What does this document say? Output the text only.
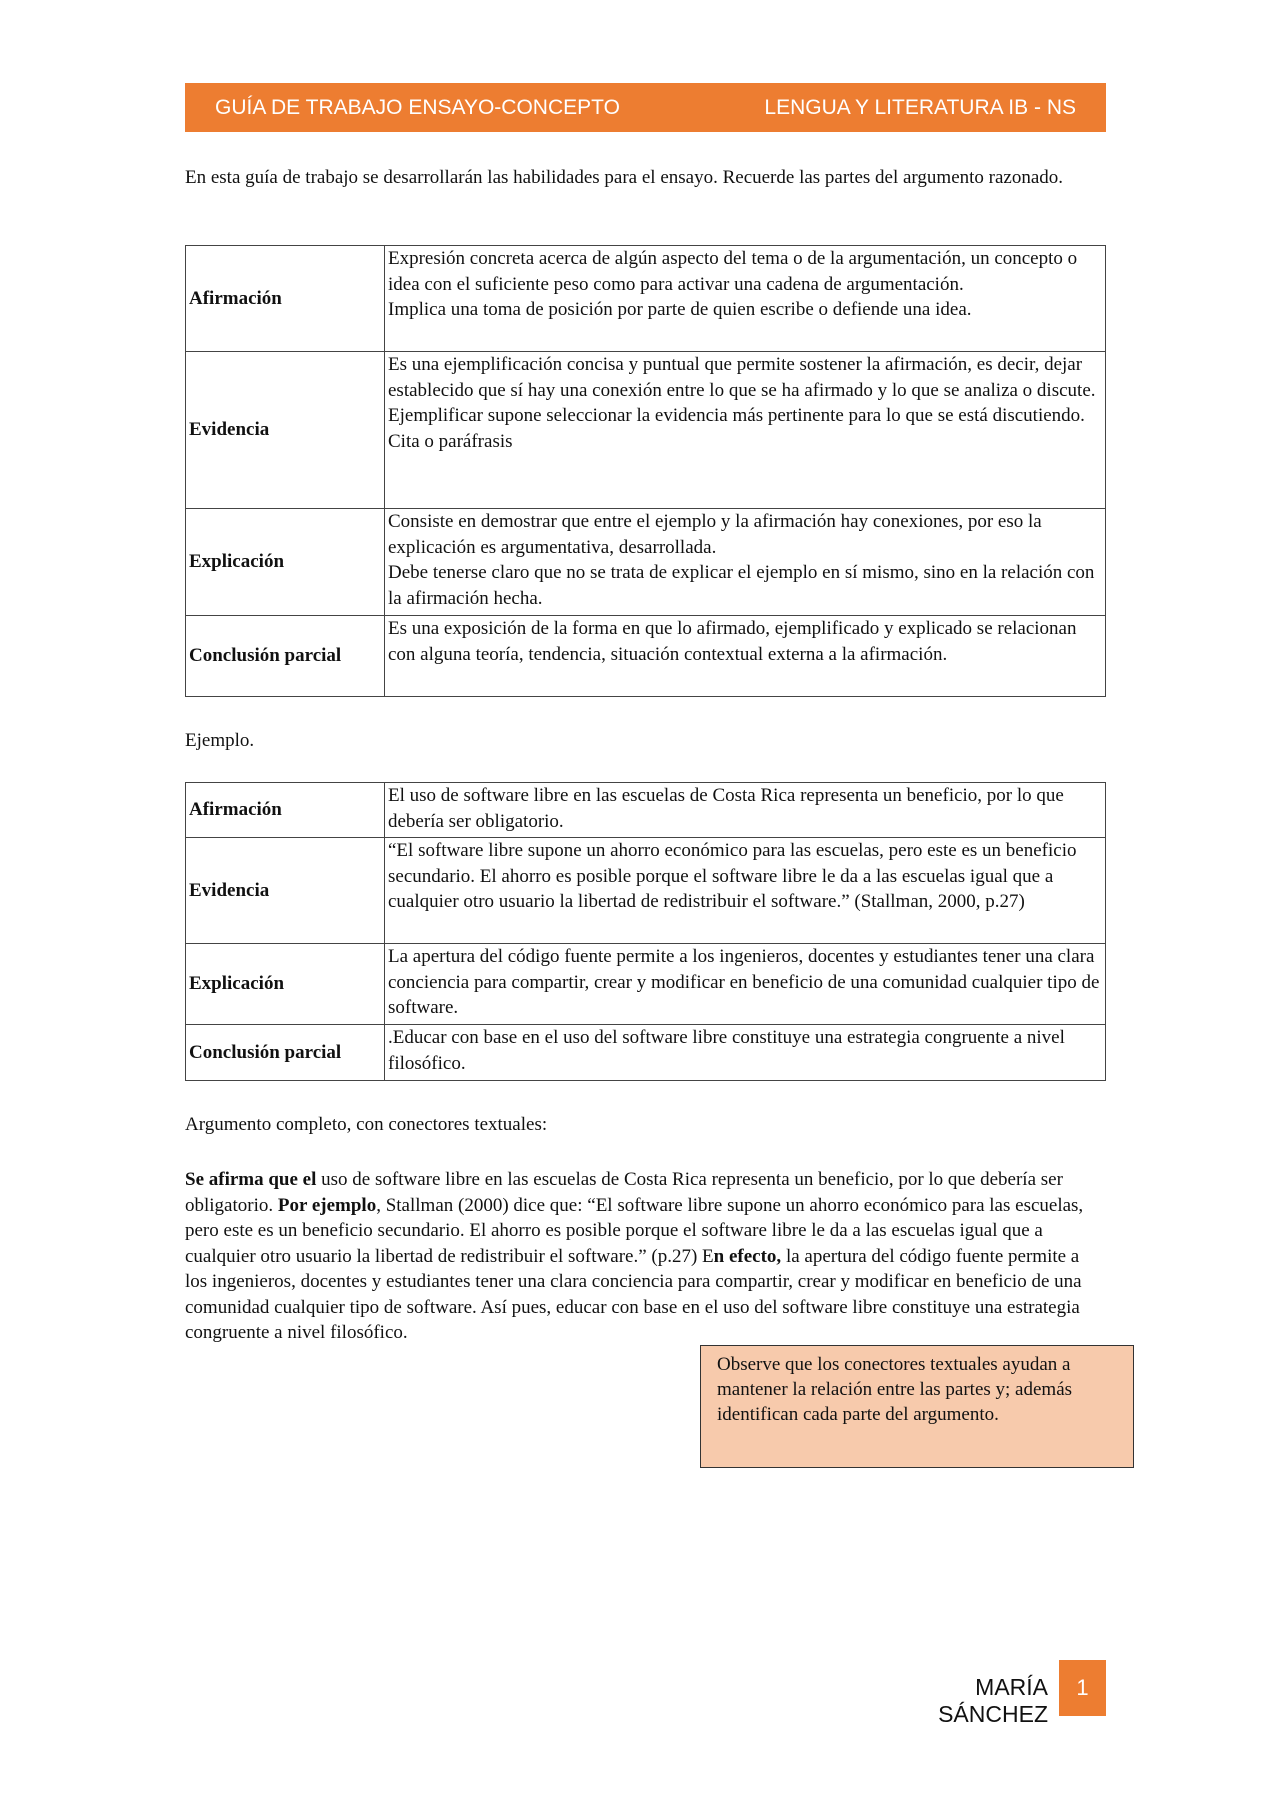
GUÍA DE TRABAJO ENSAYO-CONCEPTO	LENGUA Y LITERATURA IB - NS
En esta guía de trabajo se desarrollarán las habilidades para el ensayo. Recuerde las partes del argumento razonado.
Afirmación	Expresión concreta acerca de algún aspecto del tema o de la argumentación, un concepto o idea con el suficiente peso como para activar una cadena de argumentación.
Implica una toma de posición por parte de quien escribe o defiende una idea.

Evidencia	Es una ejemplificación concisa y puntual que permite sostener la afirmación, es decir, dejar establecido que sí hay una conexión entre lo que se ha afirmado y lo que se analiza o discute.
Ejemplificar supone seleccionar la evidencia más pertinente para lo que se está discutiendo.
Cita o paráfrasis

Explicación	Consiste en demostrar que entre el ejemplo y la afirmación hay conexiones, por eso la explicación es argumentativa, desarrollada.
Debe tenerse claro que no se trata de explicar el ejemplo en sí mismo, sino en la relación con la afirmación hecha.

Conclusión parcial	Es una exposición de la forma en que lo afirmado, ejemplificado y explicado se relacionan con alguna teoría, tendencia, situación contextual externa a la afirmación.
Ejemplo.
Afirmación	El uso de software libre en las escuelas de Costa Rica representa un beneficio, por lo que debería ser obligatorio.

Evidencia	“El software libre supone un ahorro económico para las escuelas, pero este es un beneficio secundario. El ahorro es posible porque el software libre le da a las escuelas igual que a cualquier otro usuario la libertad de redistribuir el software.” (Stallman, 2000, p.27)

Explicación	La apertura del código fuente permite a los ingenieros, docentes y estudiantes tener una clara conciencia para compartir, crear y modificar en beneficio de una comunidad cualquier tipo de software.

Conclusión parcial	.Educar con base en el uso del software libre constituye una estrategia congruente a nivel filosófico.
Argumento completo, con conectores textuales:
Se afirma que el uso de software libre en las escuelas de Costa Rica representa un beneficio, por lo que debería ser obligatorio. Por ejemplo, Stallman (2000) dice que: “El software libre supone un ahorro económico para las escuelas, pero este es un beneficio secundario. El ahorro es posible porque el software libre le da a las escuelas igual que a cualquier otro usuario la libertad de redistribuir el software.” (p.27) En efecto, la apertura del código fuente permite a los ingenieros, docentes y estudiantes tener una clara conciencia para compartir, crear y modificar en beneficio de una comunidad cualquier tipo de software. Así pues, educar con base en el uso del software libre constituye una estrategia congruente a nivel filosófico.
Observe que los conectores textuales ayudan a mantener la relación entre las partes y; además identifican cada parte del argumento.
MARÍA SÁNCHEZ
1
